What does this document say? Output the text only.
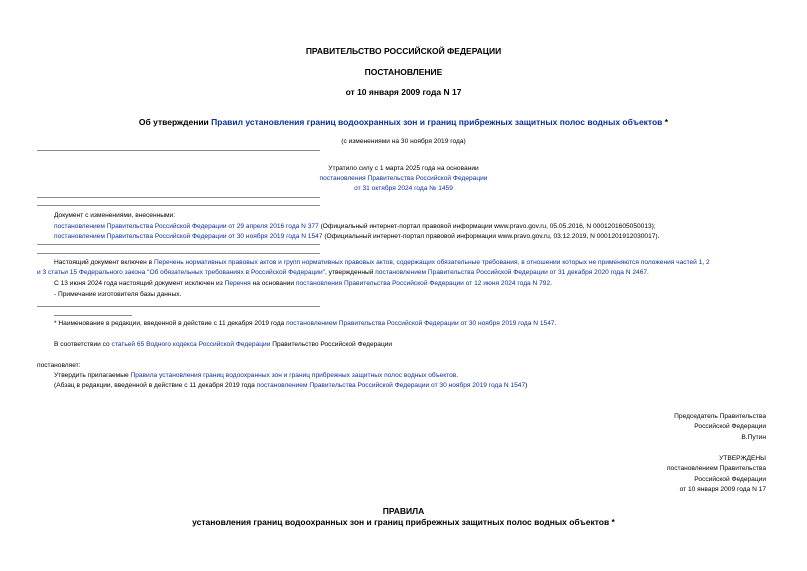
ПРАВИТЕЛЬСТВО РОССИЙСКОЙ ФЕДЕРАЦИИ
ПОСТАНОВЛЕНИЕ
от 10 января 2009 года N 17
Об утверждении Правил установления границ водоохранных зон и границ прибрежных защитных полос водных объектов *
(с изменениями на 30 ноября 2019 года)
Утратило силу с 1 марта 2025 года на основании
постановления Правительства Российской Федерации
от 31 октября 2024 года № 1459
Документ с изменениями, внесенными:
постановлением Правительства Российской Федерации от 29 апреля 2016 года N 377 (Официальный интернет-портал правовой информации www.pravo.gov.ru, 05.05.2016, N 0001201605050013);
постановлением Правительства Российской Федерации от 30 ноября 2019 года N 1547 (Официальный интернет-портал правовой информации www.pravo.gov.ru, 03.12.2019, N 0001201912030017).
Настоящий документ включен в Перечень нормативных правовых актов и групп нормативных правовых актов, содержащих обязательные требования, в отношении которых не применяются положения частей 1, 2
и 3 статьи 15 Федерального закона "Об обязательных требованиях в Российской Федерации", утвержденный постановлением Правительства Российской Федерации от 31 декабря 2020 года N 2467.
С 13 июня 2024 года настоящий документ исключен из Перечня на основании постановления Правительства Российской Федерации от 12 июня 2024 года N 792.
- Примечание изготовителя базы данных.
* Наименование в редакции, введенной в действие с 11 декабря 2019 года постановлением Правительства Российской Федерации от 30 ноября 2019 года N 1547.
В соответствии со статьей 65 Водного кодекса Российской Федерации Правительство Российской Федерации
постановляет:
Утвердить прилагаемые Правила установления границ водоохранных зон и границ прибрежных защитных полос водных объектов.
(Абзац в редакции, введенной в действие с 11 декабря 2019 года постановлением Правительства Российской Федерации от 30 ноября 2019 года N 1547)
Председатель Правительства
Российской Федерации
В.Путин
УТВЕРЖДЕНЫ
постановлением Правительства
Российской Федерации
от 10 января 2009 года N 17
ПРАВИЛА
установления границ водоохранных зон и границ прибрежных защитных полос водных объектов *
